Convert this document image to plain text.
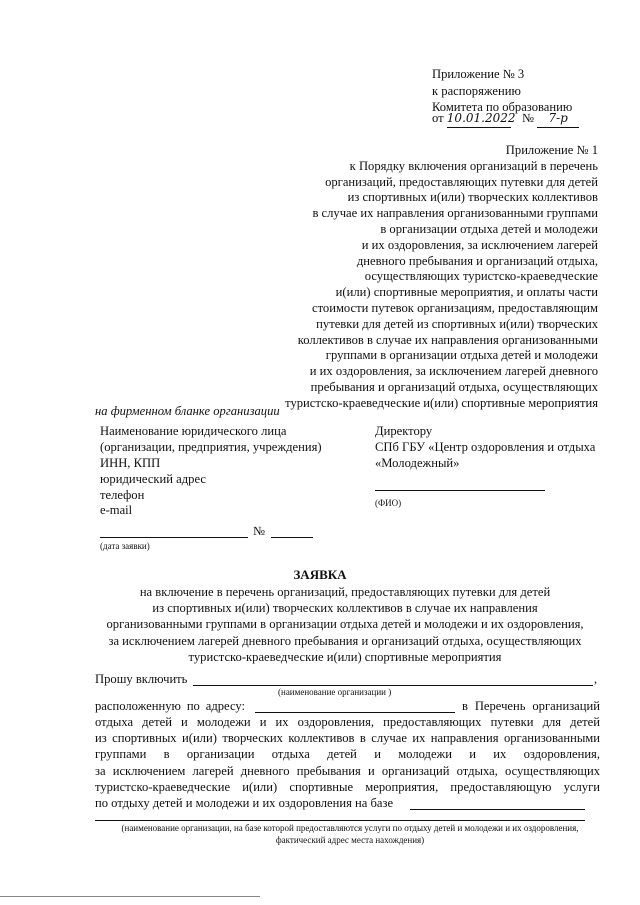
Приложение № 3
к распоряжению
Комитета по образованию
от 10.01.2022 № 7-р
Приложение № 1
к Порядку включения организаций в перечень
организаций, предоставляющих путевки для детей
из спортивных и(или) творческих коллективов
в случае их направления организованными группами
в организации отдыха детей и молодежи
и их оздоровления, за исключением лагерей
дневного пребывания и организаций отдыха,
осуществляющих туристско-краеведческие
и(или) спортивные мероприятия, и оплаты части
стоимости путевок организациям, предоставляющим
путевки для детей из спортивных и(или) творческих
коллективов в случае их направления организованными
группами в организации отдыха детей и молодежи
и их оздоровления, за исключением лагерей дневного
пребывания и организаций отдыха, осуществляющих
туристско-краеведческие и(или) спортивные мероприятия
на фирменном бланке организации
Наименование юридического лица
(организации, предприятия, учреждения)
ИНН, КПП
юридический адрес
телефон
e-mail
Директору
СПб ГБУ «Центр оздоровления и отдыха
«Молодежный»
(ФИО)
№
(дата заявки)
ЗАЯВКА
на включение в перечень организаций, предоставляющих путевки для детей
из спортивных и(или) творческих коллективов в случае их направления
организованными группами в организации отдыха детей и молодежи и их оздоровления,
за исключением лагерей дневного пребывания и организаций отдыха, осуществляющих
туристско-краеведческие и(или) спортивные мероприятия
Прошу включить	,
(наименование организации )
расположенную по адресу:	в Перечень организаций
отдыха детей и молодежи и их оздоровления, предоставляющих путевки для детей
из спортивных и(или) творческих коллективов в случае их направления организованными
группами в организации отдыха детей и молодежи и их оздоровления,
за исключением лагерей дневного пребывания и организаций отдыха, осуществляющих
туристско-краеведческие и(или) спортивные мероприятия, предоставляющую услуги
по отдыху детей и молодежи и их оздоровления на базе
(наименование организации, на базе которой предоставляются услуги по отдыху детей и молодежи и их оздоровления, фактический адрес места нахождения)
